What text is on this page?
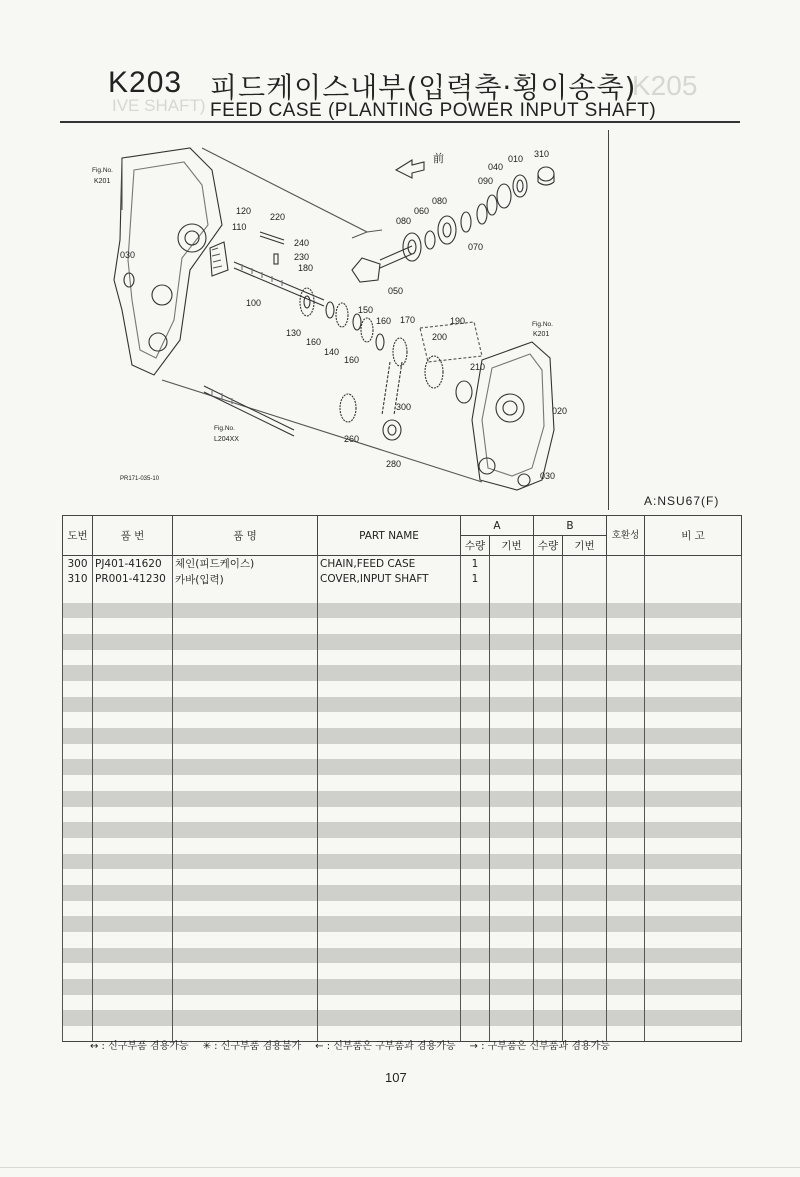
K205
IVE SHAFT)
K203 피드케이스내부(입력축·횡이송축)
FEED CASE (PLANTING POWER INPUT SHAFT)
前
Fig.No.
K201
Fig.No.
K201
Fig.No.
L204XX
PR171-035-10
310
010
040
090
080
060
070
080
120
110
220
240
230
180
030
100
050
130
160
140
160
150
160 170	190
200
210
020
300
260
280
030
A:NSU67(F)
도번	품 번	품 명	PART NAME	A		B		호환성	비 고
				수량	기번	수량	기번		
300	PJ401-41620	체인(피드케이스)	CHAIN,FEED CASE	1					
310	PR001-41230	카바(입력)	COVER,INPUT SHAFT	1					

↔ : 신구부품 겸용가능 ✳ : 신구부품 겸용불가 ← : 신부품은 구부품과 겸용가능 → : 구부품은 신부품과 겸용가능
107
